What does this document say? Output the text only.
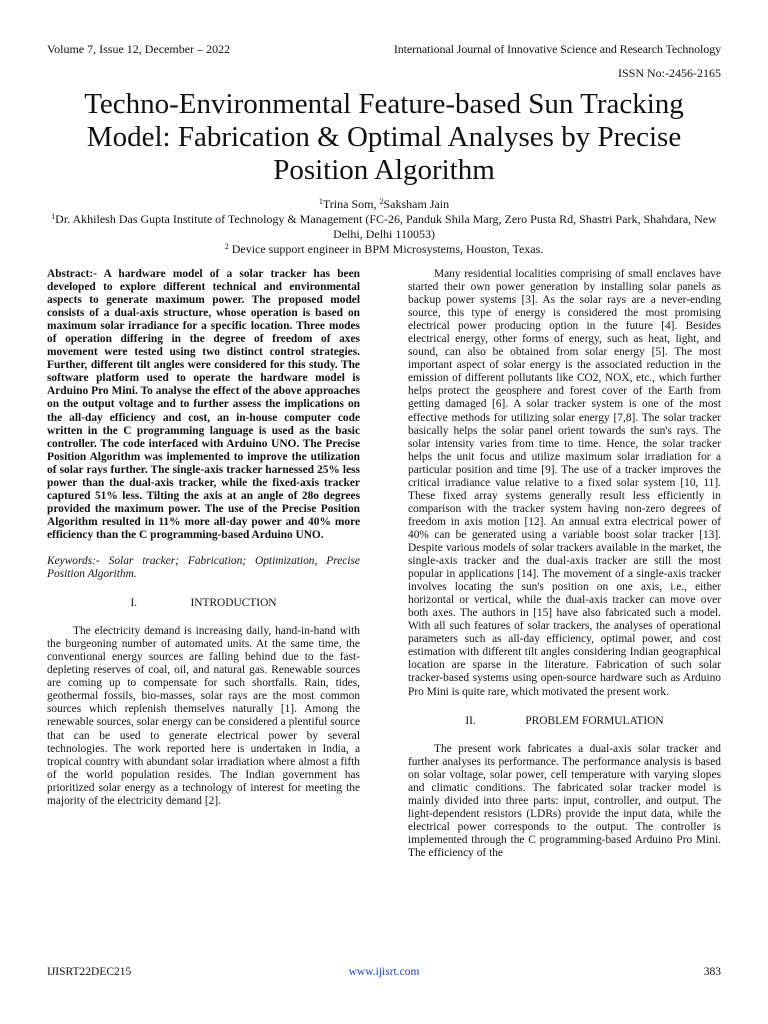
Volume 7, Issue 12, December – 2022	International Journal of Innovative Science and Research Technology
ISSN No:-2456-2165
Techno-Environmental Feature-based Sun Tracking Model: Fabrication & Optimal Analyses by Precise Position Algorithm
$^1$Trina Som, $^2$Saksham Jain
$^1$Dr. Akhilesh Das Gupta Institute of Technology & Management (FC-26, Panduk Shila Marg, Zero Pusta Rd, Shastri Park, Shahdara, New Delhi, Delhi 110053)
$^2$ Device support engineer in BPM Microsystems, Houston, Texas.

Abstract:- A hardware model of a solar tracker has been developed to explore different technical and environmental aspects to generate maximum power. The proposed model consists of a dual-axis structure, whose operation is based on maximum solar irradiance for a specific location. Three modes of operation differing in the degree of freedom of axes movement were tested using two distinct control strategies. Further, different tilt angles were considered for this study. The software platform used to operate the hardware model is Arduino Pro Mini. To analyse the effect of the above approaches on the output voltage and to further assess the implications on the all-day efficiency and cost, an in-house computer code written in the C programming language is used as the basic controller. The code interfaced with Arduino UNO. The Precise Position Algorithm was implemented to improve the utilization of solar rays further. The single-axis tracker harnessed 25% less power than the dual-axis tracker, while the fixed-axis tracker captured 51% less. Tilting the axis at an angle of 28o degrees provided the maximum power. The use of the Precise Position Algorithm resulted in 11% more all-day power and 40% more efficiency than the C programming-based Arduino UNO.

Keywords:- Solar tracker; Fabrication; Optimization, Precise Position Algorithm.

I.	INTRODUCTION

The electricity demand is increasing daily, hand-in-hand with the burgeoning number of automated units. At the same time, the conventional energy sources are falling behind due to the fast-depleting reserves of coal, oil, and natural gas. Renewable sources are coming up to compensate for such shortfalls. Rain, tides, geothermal fossils, bio-masses, solar rays are the most common sources which replenish themselves naturally [1]. Among the renewable sources, solar energy can be considered a plentiful source that can be used to generate electrical power by several technologies. The work reported here is undertaken in India, a tropical country with abundant solar irradiation where almost a fifth of the world population resides. The Indian government has prioritized solar energy as a technology of interest for meeting the majority of the electricity demand [2].

Many residential localities comprising of small enclaves have started their own power generation by installing solar panels as backup power systems [3]. As the solar rays are a never-ending source, this type of energy is considered the most promising electrical power producing option in the future [4]. Besides electrical energy, other forms of energy, such as heat, light, and sound, can also be obtained from solar energy [5]. The most important aspect of solar energy is the associated reduction in the emission of different pollutants like CO2, NOX, etc., which further helps protect the geosphere and forest cover of the Earth from getting damaged [6]. A solar tracker system is one of the most effective methods for utilizing solar energy [7,8]. The solar tracker basically helps the solar panel orient towards the sun's rays. The solar intensity varies from time to time. Hence, the solar tracker helps the unit focus and utilize maximum solar irradiation for a particular position and time [9]. The use of a tracker improves the critical irradiance value relative to a fixed solar system [10, 11]. These fixed array systems generally result less efficiently in comparison with the tracker system having non-zero degrees of freedom in axis motion [12]. An annual extra electrical power of 40% can be generated using a variable boost solar tracker [13]. Despite various models of solar trackers available in the market, the single-axis tracker and the dual-axis tracker are still the most popular in applications [14]. The movement of a single-axis tracker involves locating the sun's position on one axis, i.e., either horizontal or vertical, while the dual-axis tracker can move over both axes. The authors in [15] have also fabricated such a model. With all such features of solar trackers, the analyses of operational parameters such as all-day efficiency, optimal power, and cost estimation with different tilt angles considering Indian geographical location are sparse in the literature. Fabrication of such solar tracker-based systems using open-source hardware such as Arduino Pro Mini is quite rare, which motivated the present work.

II.	PROBLEM FORMULATION

The present work fabricates a dual-axis solar tracker and further analyses its performance. The performance analysis is based on solar voltage, solar power, cell temperature with varying slopes and climatic conditions. The fabricated solar tracker model is mainly divided into three parts: input, controller, and output. The light-dependent resistors (LDRs) provide the input data, while the electrical power corresponds to the output. The controller is implemented through the C programming-based Arduino Pro Mini. The efficiency of the

IJISRT22DEC215	www.ijisrt.com	383
